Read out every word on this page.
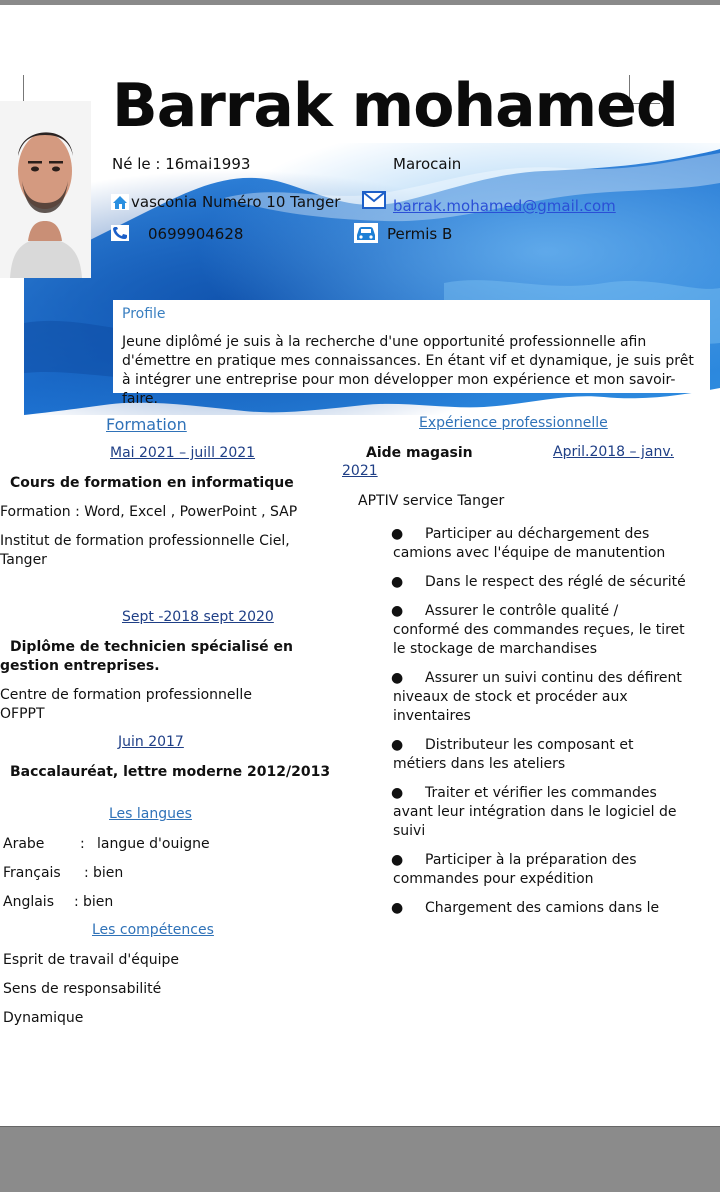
Barrak mohamed
Né le : 16mai1993	Marocain
vasconia Numéro 10 Tanger	barrak.mohamed@gmail.com
0699904628	Permis B
Profile
Jeune diplômé je suis à la recherche d'une opportunité professionnelle afin d'émettre en pratique mes connaissances. En étant vif et dynamique, je suis prêt à intégrer une entreprise pour mon développer mon expérience et mon savoir-faire.
Formation
Mai 2021 – juill 2021
Cours de formation en informatique
Formation : Word, Excel , PowerPoint , SAP
Institut de formation professionnelle Ciel,
Tanger
Sept -2018 sept 2020
Diplôme de technicien spécialisé en
gestion entreprises.
Centre de formation professionnelle
OFPPT
Juin 2017
Baccalauréat, lettre moderne 2012/2013
Les langues
Arabe	: langue d'ouigne
Français : bien
Anglais : bien
Les compétences
Esprit de travail d'équipe
Sens de responsabilité
Dynamique
Expérience professionnelle
Aide magasin	April.2018 – janv.
2021
APTIV service Tanger
● Participer au déchargement des camions avec l'équipe de manutention
● Dans le respect des réglé de sécurité
● Assurer le contrôle qualité / conformé des commandes reçues, le tiret le stockage de marchandises
● Assurer un suivi continu des défirent niveaux de stock et procéder aux inventaires
● Distributeur les composant et métiers dans les ateliers
● Traiter et vérifier les commandes avant leur intégration dans le logiciel de suivi
● Participer à la préparation des commandes pour expédition
● Chargement des camions dans le
